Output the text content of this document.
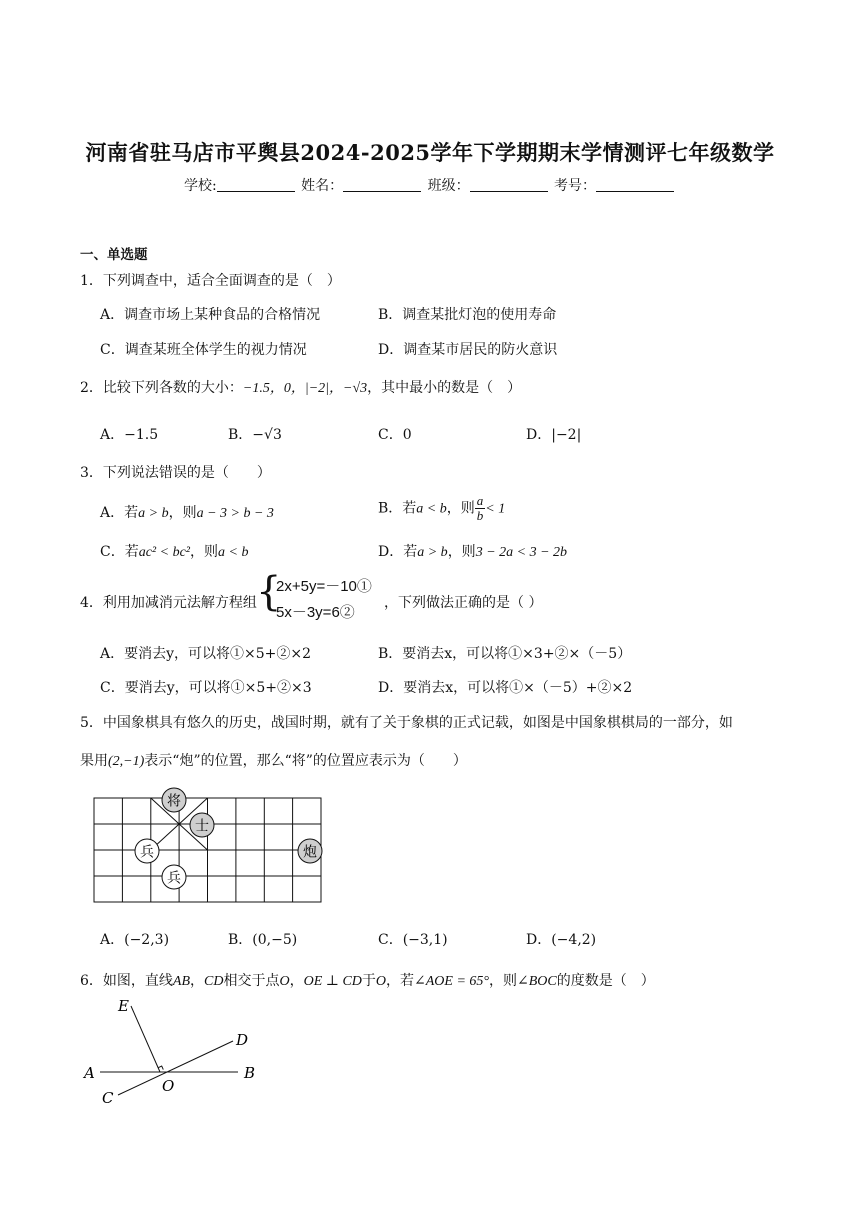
河南省驻马店市平舆县2024-2025学年下学期期末学情测评七年级数学
学校:	姓名：	班级：	考号：
一、单选题
1．下列调查中，适合全面调查的是（　）
A．调查市场上某种食品的合格情况	B．调查某批灯泡的使用寿命
C．调查某班全体学生的视力情况	D．调查某市居民的防火意识
2．比较下列各数的大小：−1.5，0，|−2|，−√3，其中最小的数是（　）
A．−1.5	B．−√3	C．0	D．|−2|
3．下列说法错误的是（　　）
A．若a > b，则a − 3 > b − 3	B．若a < b，则 $\frac{a}{b} < 1$
C．若ac² < bc²，则a < b	D．若a > b，则3 − 2a < 3 − 2b
4．利用加减消元法解方程组 {
2x+5y=－10①
5x－3y=6②
，下列做法正确的是（ ）
A．要消去y，可以将①×5+②×2	B．要消去x，可以将①×3+②×（－5）
C．要消去y，可以将①×5+②×3	D．要消去x，可以将①×（－5）+②×2
5．中国象棋具有悠久的历史，战国时期，就有了关于象棋的正式记载，如图是中国象棋棋局的一部分，如
果用(2,−1)表示“炮”的位置，那么“将”的位置应表示为（　　）
将
士
兵
兵
炮
A．(−2,3)	B．(0,−5)	C．(−3,1)	D．(−4,2)
6．如图，直线AB，CD相交于点O，OE ⊥ CD于O，若∠AOE = 65°，则∠BOC的度数是（　）
E
D
A	B
C
O
